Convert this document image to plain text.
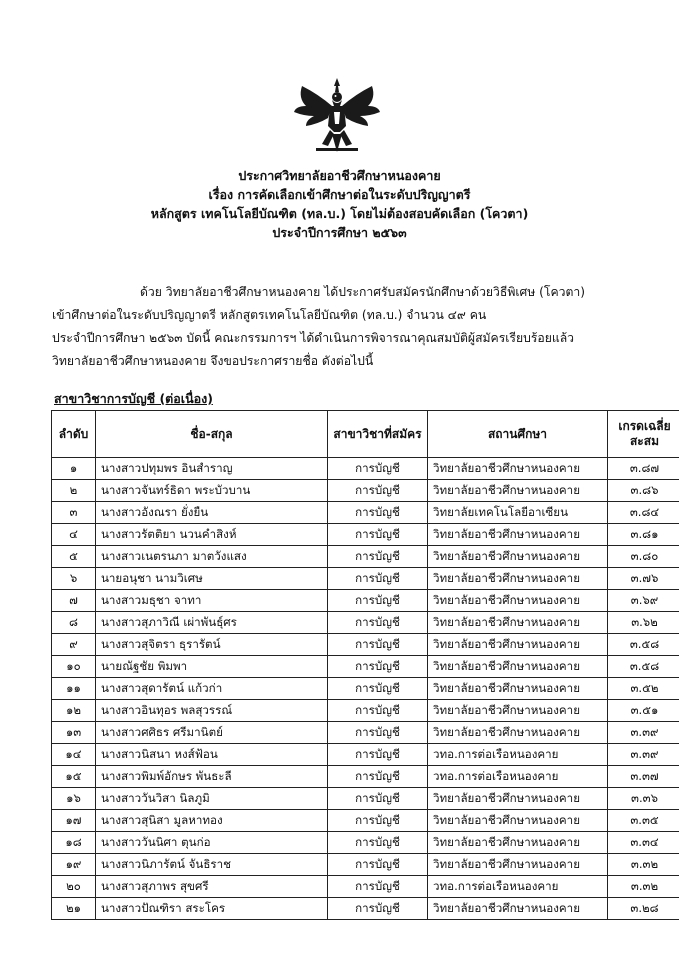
ประกาศวิทยาลัยอาชีวศึกษาหนองคาย
เรื่อง การคัดเลือกเข้าศึกษาต่อในระดับปริญญาตรี
หลักสูตร เทคโนโลยีบัณฑิต (ทล.บ.) โดยไม่ต้องสอบคัดเลือก (โควตา)
ประจำปีการศึกษา ๒๕๖๓
ด้วย วิทยาลัยอาชีวศึกษาหนองคาย ได้ประกาศรับสมัครนักศึกษาด้วยวิธีพิเศษ (โควตา)
เข้าศึกษาต่อในระดับปริญญาตรี หลักสูตรเทคโนโลยีบัณฑิต (ทล.บ.) จำนวน ๔๙ คน
ประจำปีการศึกษา ๒๕๖๓ บัดนี้ คณะกรรมการฯ ได้ดำเนินการพิจารณาคุณสมบัติผู้สมัครเรียบร้อยแล้ว
วิทยาลัยอาชีวศึกษาหนองคาย จึงขอประกาศรายชื่อ ดังต่อไปนี้
สาขาวิชาการบัญชี (ต่อเนื่อง)
ลำดับ	ชื่อ-สกุล	สาขาวิชาที่สมัคร	สถานศึกษา	เกรดเฉลี่ยสะสม
๑	นางสาวปทุมพร อินสำราญ	การบัญชี	วิทยาลัยอาชีวศึกษาหนองคาย	๓.๘๗
๒	นางสาวจันทร์ธิดา พระบัวบาน	การบัญชี	วิทยาลัยอาชีวศึกษาหนองคาย	๓.๘๖
๓	นางสาวอังณรา ยั่งยืน	การบัญชี	วิทยาลัยเทคโนโลยีอาเซียน	๓.๘๔
๔	นางสาวรัตติยา นวนคำสิงห์	การบัญชี	วิทยาลัยอาชีวศึกษาหนองคาย	๓.๘๑
๕	นางสาวเนตรนภา มาตวังแสง	การบัญชี	วิทยาลัยอาชีวศึกษาหนองคาย	๓.๘๐
๖	นายอนุชา นามวิเศษ	การบัญชี	วิทยาลัยอาชีวศึกษาหนองคาย	๓.๗๖
๗	นางสาวมธุชา จาทา	การบัญชี	วิทยาลัยอาชีวศึกษาหนองคาย	๓.๖๙
๘	นางสาวสุภาวิณี เผ่าพันธุ์ศร	การบัญชี	วิทยาลัยอาชีวศึกษาหนองคาย	๓.๖๒
๙	นางสาวสุจิตรา ธุรารัตน์	การบัญชี	วิทยาลัยอาชีวศึกษาหนองคาย	๓.๕๘
๑๐	นายณัฐชัย พิมพา	การบัญชี	วิทยาลัยอาชีวศึกษาหนองคาย	๓.๕๘
๑๑	นางสาวสุดารัตน์ แก้วก่า	การบัญชี	วิทยาลัยอาชีวศึกษาหนองคาย	๓.๕๒
๑๒	นางสาวอินทุอร พลสุวรรณ์	การบัญชี	วิทยาลัยอาชีวศึกษาหนองคาย	๓.๕๑
๑๓	นางสาวศศิธร ศรีมานิตย์	การบัญชี	วิทยาลัยอาชีวศึกษาหนองคาย	๓.๓๙
๑๔	นางสาวนิสนา หงส์ฟ้อน	การบัญชี	วทอ.การต่อเรือหนองคาย	๓.๓๙
๑๕	นางสาวพิมพ์อักษร พันธะลี	การบัญชี	วทอ.การต่อเรือหนองคาย	๓.๓๗
๑๖	นางสาววันวิสา นิลภูมิ	การบัญชี	วิทยาลัยอาชีวศึกษาหนองคาย	๓.๓๖
๑๗	นางสาวสุนิสา มูลหาทอง	การบัญชี	วิทยาลัยอาชีวศึกษาหนองคาย	๓.๓๕
๑๘	นางสาววันนิศา ตุนก่อ	การบัญชี	วิทยาลัยอาชีวศึกษาหนองคาย	๓.๓๔
๑๙	นางสาวนิภารัตน์ จันธิราช	การบัญชี	วิทยาลัยอาชีวศึกษาหนองคาย	๓.๓๒
๒๐	นางสาวสุภาพร สุขศรี	การบัญชี	วทอ.การต่อเรือหนองคาย	๓.๓๒
๒๑	นางสาวปัณฑิรา สระโคร	การบัญชี	วิทยาลัยอาชีวศึกษาหนองคาย	๓.๒๘
